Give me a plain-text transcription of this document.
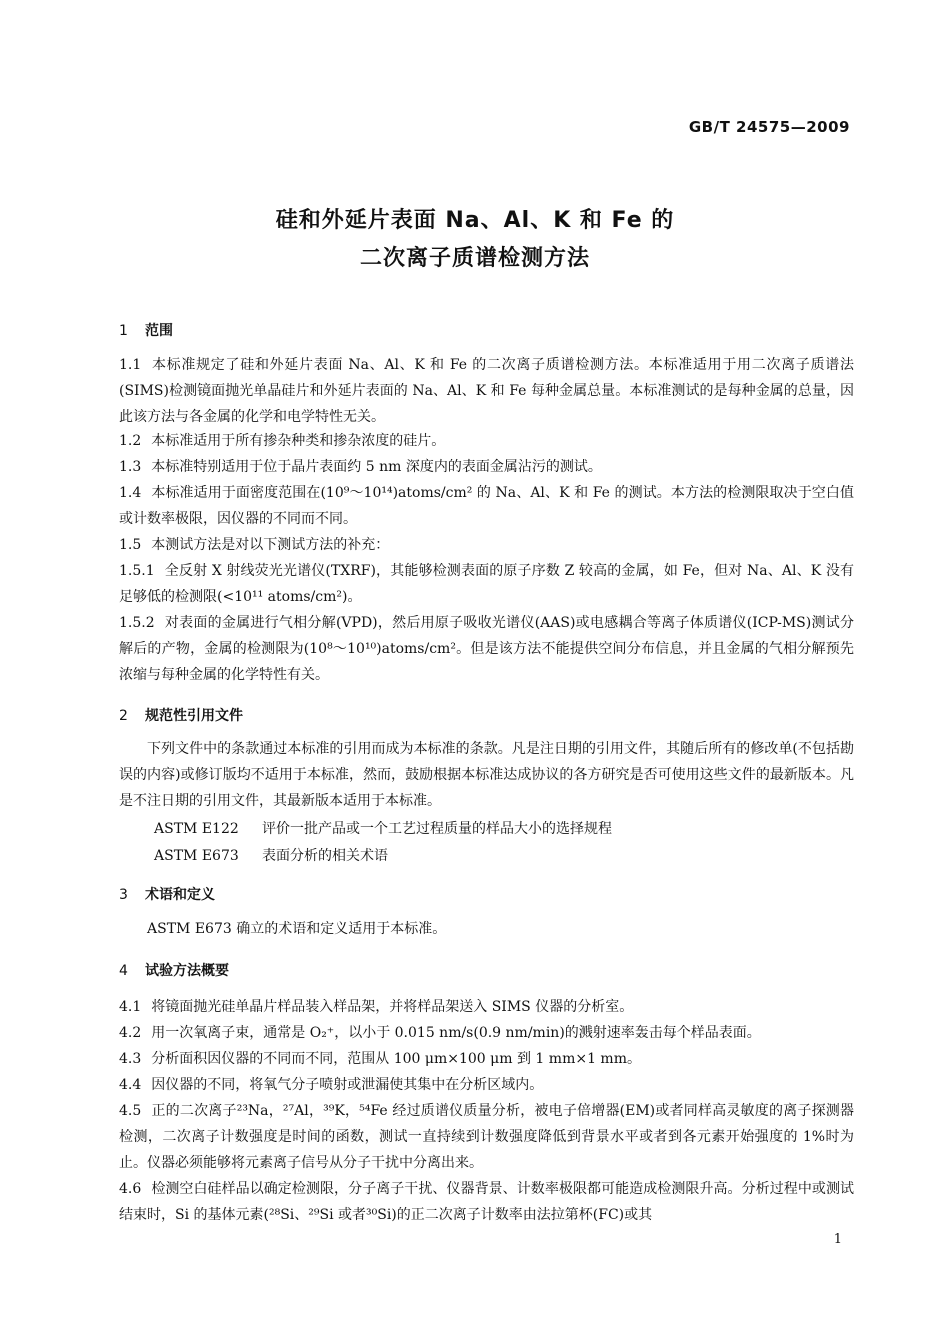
GB/T 24575—2009
硅和外延片表面 Na、Al、K 和 Fe 的
二次离子质谱检测方法
1 范围
1.1 本标准规定了硅和外延片表面 Na、Al、K 和 Fe 的二次离子质谱检测方法。本标准适用于用二次离子质谱法(SIMS)检测镜面抛光单晶硅片和外延片表面的 Na、Al、K 和 Fe 每种金属总量。本标准测试的是每种金属的总量，因此该方法与各金属的化学和电学特性无关。
1.2 本标准适用于所有掺杂种类和掺杂浓度的硅片。
1.3 本标准特别适用于位于晶片表面约 5 nm 深度内的表面金属沾污的测试。
1.4 本标准适用于面密度范围在(10⁹～10¹⁴)atoms/cm² 的 Na、Al、K 和 Fe 的测试。本方法的检测限取决于空白值或计数率极限，因仪器的不同而不同。
1.5 本测试方法是对以下测试方法的补充：
1.5.1 全反射 X 射线荧光光谱仪(TXRF)，其能够检测表面的原子序数 Z 较高的金属，如 Fe，但对 Na、Al、K 没有足够低的检测限(<10¹¹ atoms/cm²)。
1.5.2 对表面的金属进行气相分解(VPD)，然后用原子吸收光谱仪(AAS)或电感耦合等离子体质谱仪(ICP-MS)测试分解后的产物，金属的检测限为(10⁸～10¹⁰)atoms/cm²。但是该方法不能提供空间分布信息，并且金属的气相分解预先浓缩与每种金属的化学特性有关。
2 规范性引用文件
下列文件中的条款通过本标准的引用而成为本标准的条款。凡是注日期的引用文件，其随后所有的修改单(不包括勘误的内容)或修订版均不适用于本标准，然而，鼓励根据本标准达成协议的各方研究是否可使用这些文件的最新版本。凡是不注日期的引用文件，其最新版本适用于本标准。
ASTM E122 评价一批产品或一个工艺过程质量的样品大小的选择规程
ASTM E673 表面分析的相关术语
3 术语和定义
ASTM E673 确立的术语和定义适用于本标准。
4 试验方法概要
4.1 将镜面抛光硅单晶片样品装入样品架，并将样品架送入 SIMS 仪器的分析室。
4.2 用一次氧离子束，通常是 O₂⁺，以小于 0.015 nm/s(0.9 nm/min)的溅射速率轰击每个样品表面。
4.3 分析面积因仪器的不同而不同，范围从 100 μm×100 μm 到 1 mm×1 mm。
4.4 因仪器的不同，将氧气分子喷射或泄漏使其集中在分析区域内。
4.5 正的二次离子²³Na，²⁷Al，³⁹K，⁵⁴Fe 经过质谱仪质量分析，被电子倍增器(EM)或者同样高灵敏度的离子探测器检测，二次离子计数强度是时间的函数，测试一直持续到计数强度降低到背景水平或者到各元素开始强度的 1%时为止。仪器必须能够将元素离子信号从分子干扰中分离出来。
4.6 检测空白硅样品以确定检测限，分子离子干扰、仪器背景、计数率极限都可能造成检测限升高。分析过程中或测试结束时，Si 的基体元素(²⁸Si、²⁹Si 或者³⁰Si)的正二次离子计数率由法拉第杯(FC)或其
1
